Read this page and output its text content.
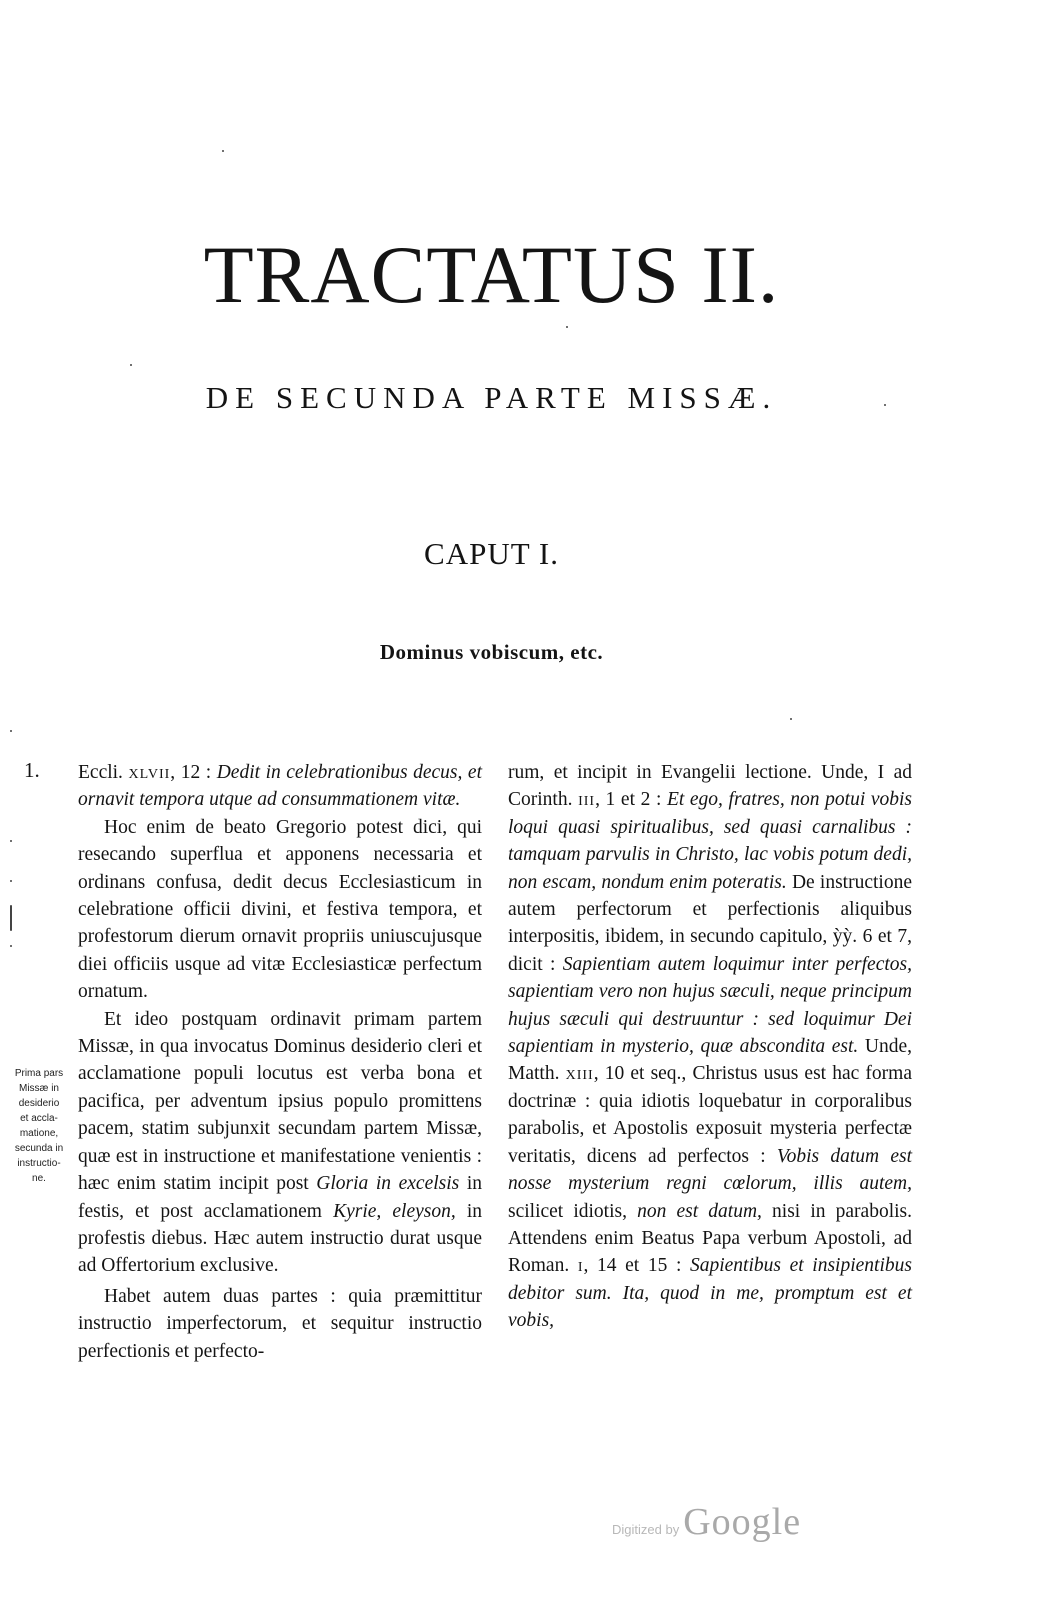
TRACTATUS II.
DE SECUNDA PARTE MISSÆ.
CAPUT I.
Dominus vobiscum, etc.
1.
Prima pars
Missæ in
desiderio
et accla-
matione,
secunda in
instructio-
ne.

Eccli. xlvii, 12 : Dedit in celebrationibus decus, et ornavit tempora utque ad consummationem vitæ.

Hoc enim de beato Gregorio potest dici, qui resecando superflua et apponens necessaria et ordinans confusa, dedit decus Ecclesiasticum in celebratione officii divini, et festiva tempora, et profestorum dierum ornavit propriis uniuscujusque diei officiis usque ad vitæ Ecclesiasticæ perfectum ornatum.

Et ideo postquam ordinavit primam partem Missæ, in qua invocatus Dominus desiderio cleri et acclamatione populi locutus est verba bona et pacifica, per adventum ipsius populo promittens pacem, statim subjunxit secundam partem Missæ, quæ est in instructione et manifestatione venientis : hæc enim statim incipit post Gloria in excelsis in festis, et post acclamationem Kyrie, eleyson, in profestis diebus. Hæc autem instructio durat usque ad Offertorium exclusive.

Habet autem duas partes : quia præmittitur instructio imperfectorum, et sequitur instructio perfectionis et perfecto-

rum, et incipit in Evangelii lectione. Unde, I ad Corinth. iii, 1 et 2 : Et ego, fratres, non potui vobis loqui quasi spiritualibus, sed quasi carnalibus : tamquam parvulis in Christo, lac vobis potum dedi, non escam, nondum enim poteratis. De instructione autem perfectorum et perfectionis aliquibus interpositis, ibidem, in secundo capitulo, ỳỳ. 6 et 7, dicit : Sapientiam autem loquimur inter perfectos, sapientiam vero non hujus sæculi, neque principum hujus sæculi qui destruuntur : sed loquimur Dei sapientiam in mysterio, quæ abscondita est. Unde, Matth. xiii, 10 et seq., Christus usus est hac forma doctrinæ : quia idiotis loquebatur in corporalibus parabolis, et Apostolis exposuit mysteria perfectæ veritatis, dicens ad perfectos : Vobis datum est nosse mysterium regni cœlorum, illis autem, scilicet idiotis, non est datum, nisi in parabolis. Attendens enim Beatus Papa verbum Apostoli, ad Roman. i, 14 et 15 : Sapientibus et insipientibus debitor sum. Ita, quod in me, promptum est et vobis,

Digitized by Google
